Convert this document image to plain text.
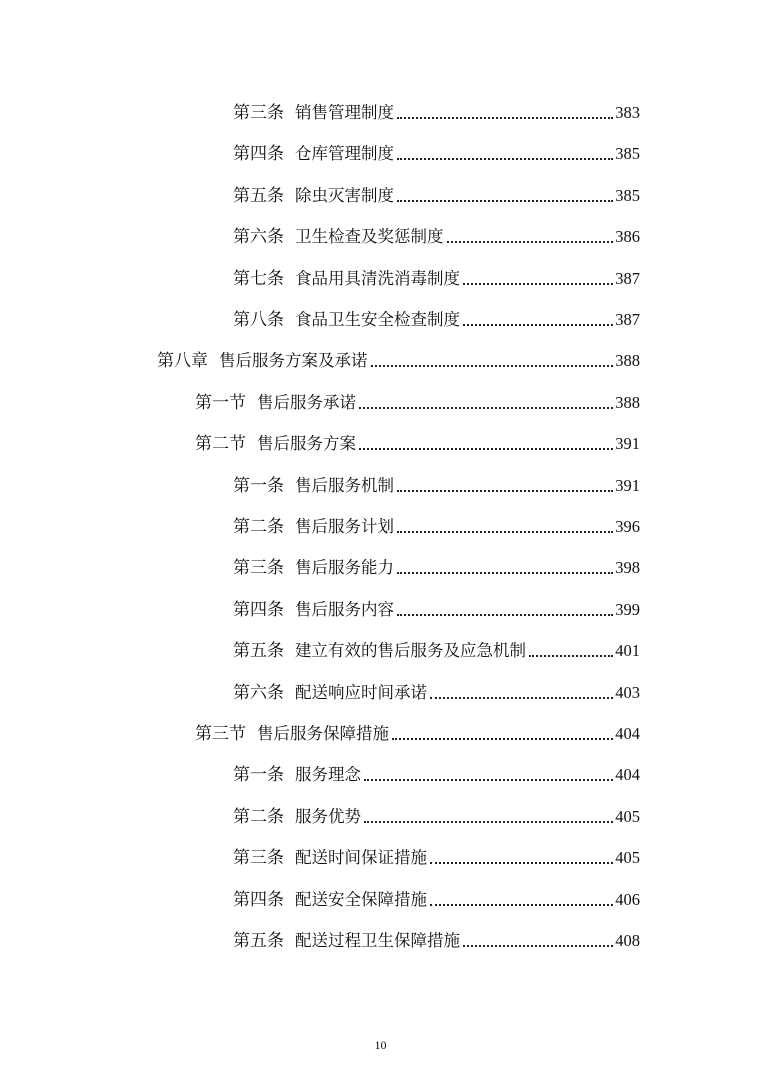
第三条 销售管理制度	383
第四条 仓库管理制度	385
第五条 除虫灭害制度	385
第六条 卫生检查及奖惩制度	386
第七条 食品用具清洗消毒制度	387
第八条 食品卫生安全检查制度	387
第八章 售后服务方案及承诺	388
第一节 售后服务承诺	388
第二节 售后服务方案	391
第一条 售后服务机制	391
第二条 售后服务计划	396
第三条 售后服务能力	398
第四条 售后服务内容	399
第五条 建立有效的售后服务及应急机制	401
第六条 配送响应时间承诺	403
第三节 售后服务保障措施	404
第一条 服务理念	404
第二条 服务优势	405
第三条 配送时间保证措施	405
第四条 配送安全保障措施	406
第五条 配送过程卫生保障措施	408
10
